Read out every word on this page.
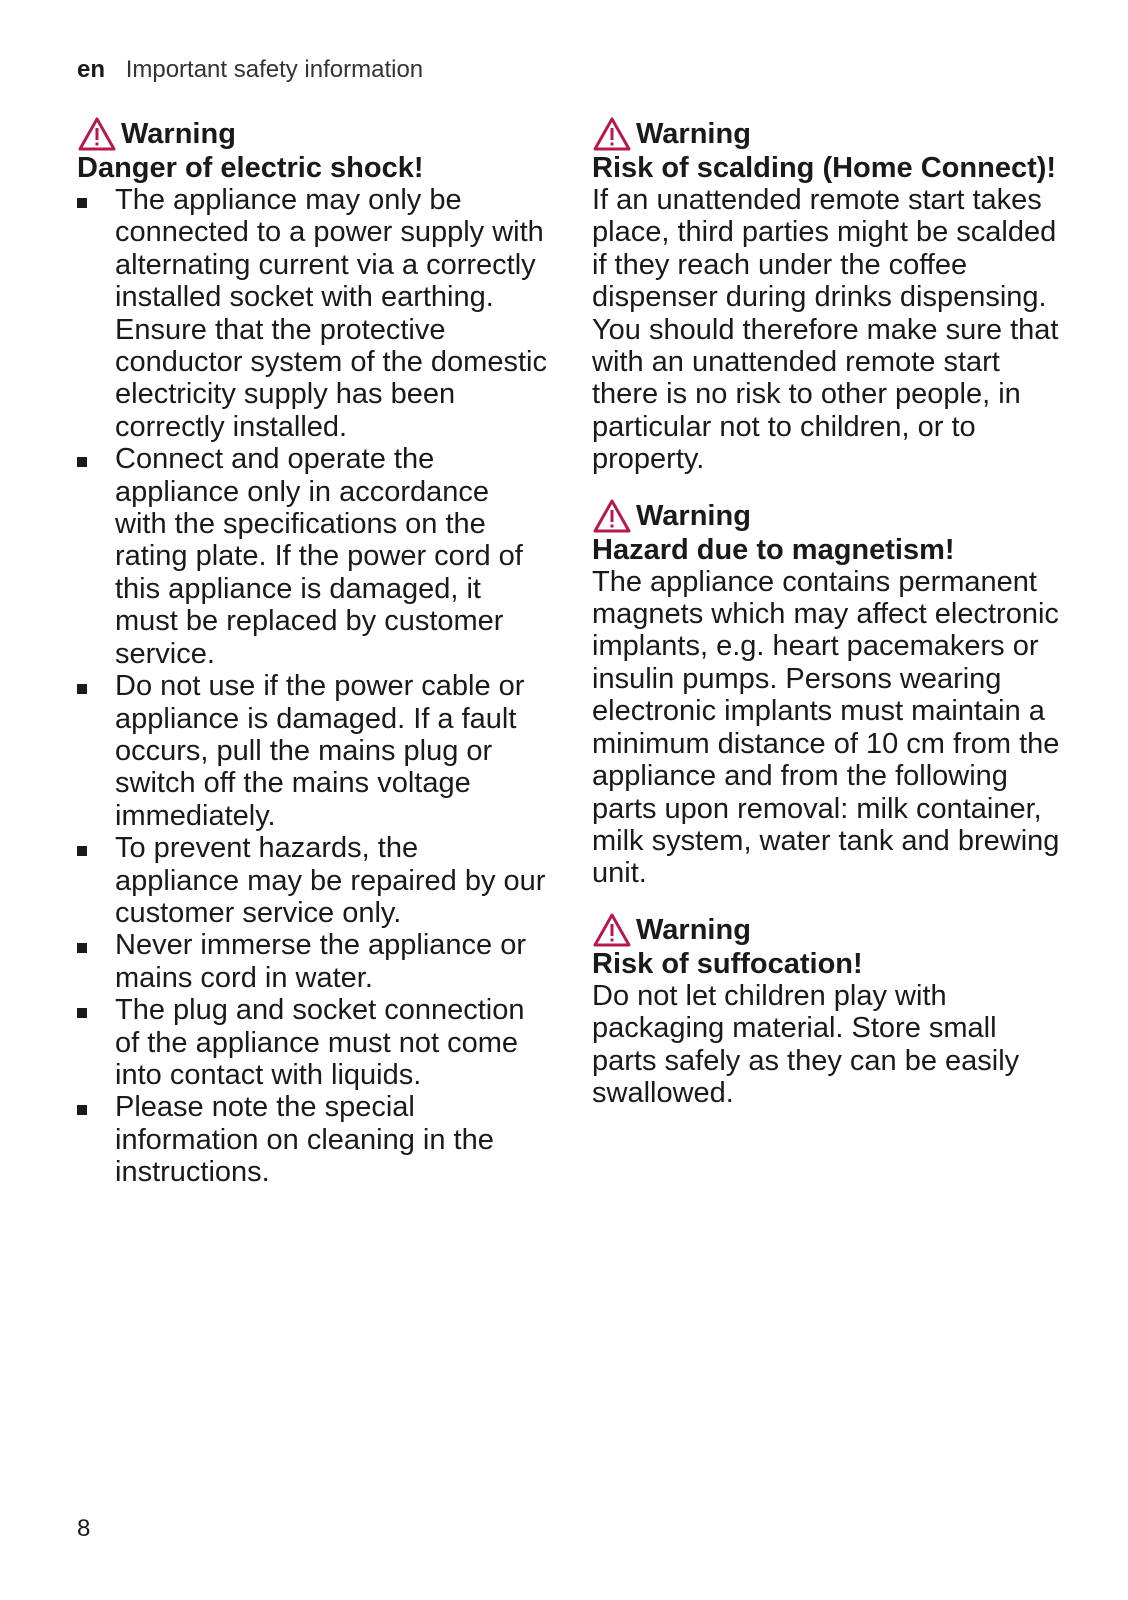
en Important safety information
Warning

Danger of electric shock!

The appliance may only be connected to a power supply with alternating current via a correctly installed socket with earthing. Ensure that the protective conductor system of the domestic electricity supply has been correctly installed.
Connect and operate the appliance only in accordance with the specifications on the rating plate. If the power cord of this appliance is damaged, it must be replaced by customer service.
Do not use if the power cable or appliance is damaged. If a fault occurs, pull the mains plug or switch off the mains voltage immediately.
To prevent hazards, the appliance may be repaired by our customer service only.
Never immerse the appliance or mains cord in water.
The plug and socket connection of the appliance must not come into contact with liquids.
Please note the special information on cleaning in the instructions.
Warning

Risk of scalding (Home Connect)!

If an unattended remote start takes place, third parties might be scalded if they reach under the coffee dispenser during drinks dispensing. You should therefore make sure that with an unattended remote start there is no risk to other people, in particular not to children, or to property.

Warning

Hazard due to magnetism!

The appliance contains permanent magnets which may affect electronic implants, e.g. heart pacemakers or insulin pumps. Persons wearing electronic implants must maintain a minimum distance of 10 cm from the appliance and from the following parts upon removal: milk container, milk system, water tank and brewing unit.

Warning

Risk of suffocation!

Do not let children play with packaging material. Store small parts safely as they can be easily swallowed.

8
